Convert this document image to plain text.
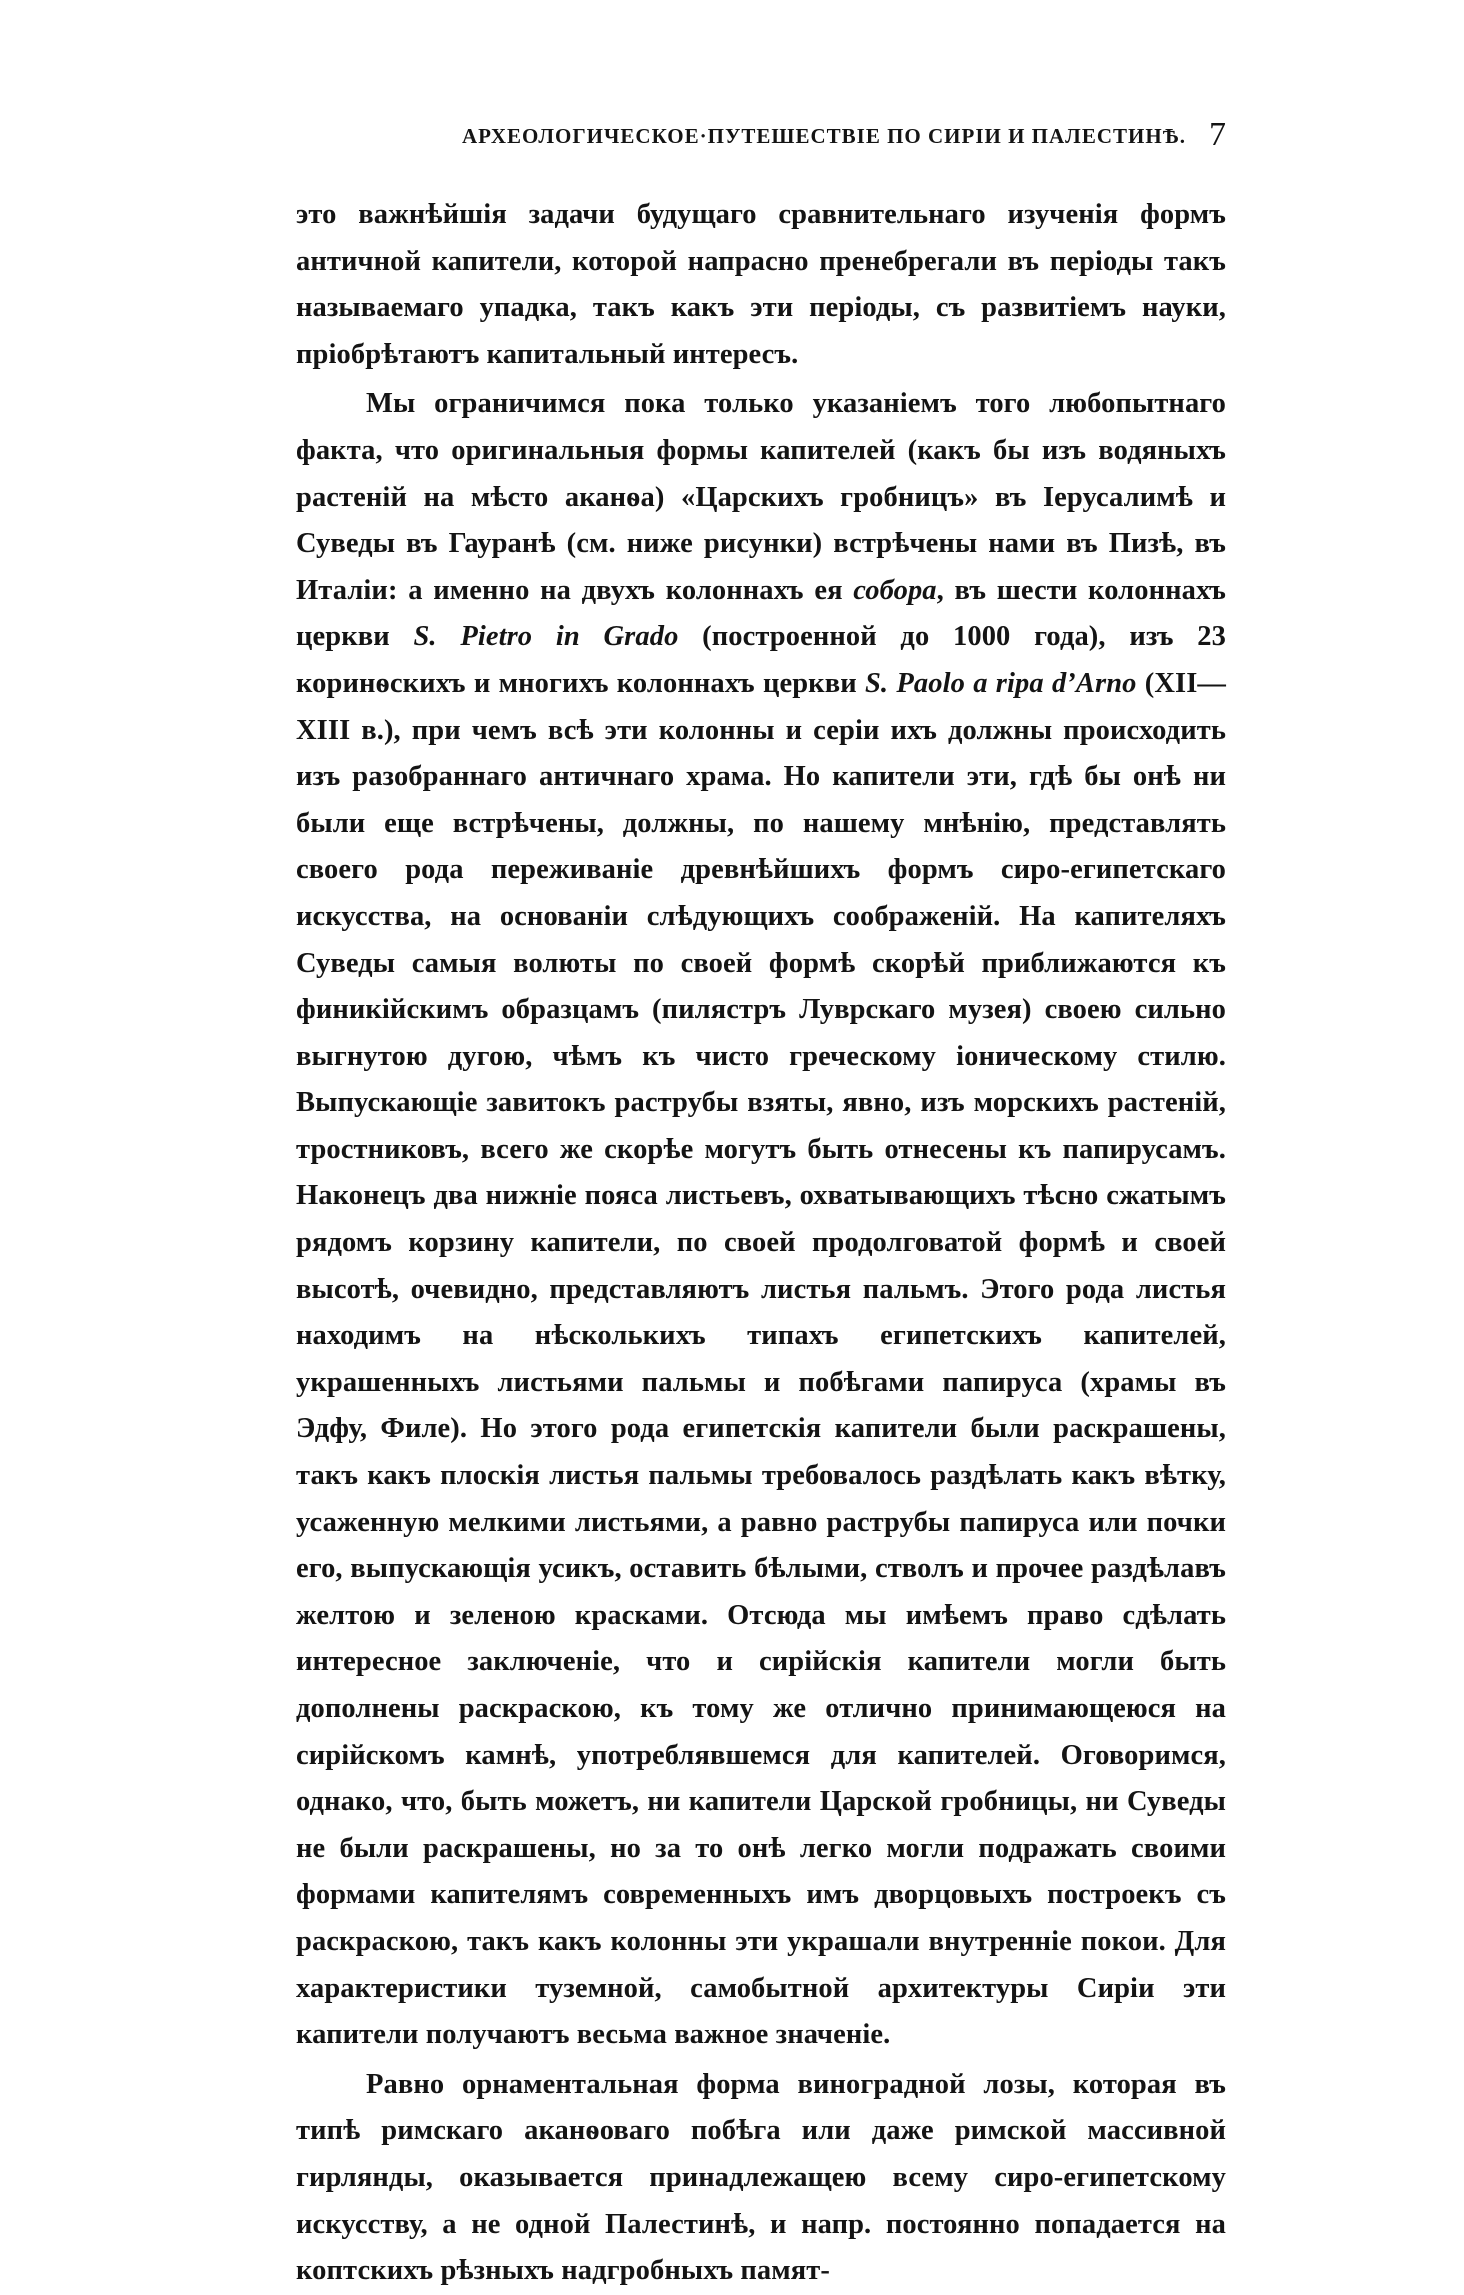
АРХЕОЛОГИЧЕСКОЕ·ПУТЕШЕСТВІЕ ПО СИРІИ И ПАЛЕСТИНѢ. 7

это важнѣйшія задачи будущаго сравнительнаго изученія формъ античной капители, которой напрасно пренебрегали въ періоды такъ называемаго упадка, такъ какъ эти періоды, съ развитіемъ науки, пріобрѣтаютъ капитальный интересъ.

Мы ограничимся пока только указаніемъ того любопытнаго факта, что оригинальныя формы капителей (какъ бы изъ водяныхъ растеній на мѣсто аканѳа) «Царскихъ гробницъ» въ Іерусалимѣ и Суведы въ Гауранѣ (см. ниже рисунки) встрѣчены нами въ Пизѣ, въ Италіи: а именно на двухъ колоннахъ ея собора, въ шести колоннахъ церкви S. Pietro in Grado (построенной до 1000 года), изъ 23 коринѳскихъ и многихъ колоннахъ церкви S. Paolo a ripa d’Arno (XII—XIII в.), при чемъ всѣ эти колонны и серіи ихъ должны происходить изъ разобраннаго античнаго храма. Но капители эти, гдѣ бы онѣ ни были еще встрѣчены, должны, по нашему мнѣнію, представлять своего рода переживаніе древнѣйшихъ формъ сиро-египетскаго искусства, на основаніи слѣдующихъ соображеній. На капителяхъ Суведы самыя волюты по своей формѣ скорѣй приближаются къ финикійскимъ образцамъ (пилястръ Луврскаго музея) своею сильно выгнутою дугою, чѣмъ къ чисто греческому іоническому стилю. Выпускающіе завитокъ раструбы взяты, явно, изъ морскихъ растеній, тростниковъ, всего же скорѣе могутъ быть отнесены къ папирусамъ. Наконецъ два нижніе пояса листьевъ, охватывающихъ тѣсно сжатымъ рядомъ корзину капители, по своей продолговатой формѣ и своей высотѣ, очевидно, представляютъ листья пальмъ. Этого рода листья находимъ на нѣсколькихъ типахъ египетскихъ капителей, украшенныхъ листьями пальмы и побѣгами папируса (храмы въ Эдфу, Филе). Но этого рода египетскія капители были раскрашены, такъ какъ плоскія листья пальмы требовалось раздѣлать какъ вѣтку, усаженную мелкими листьями, а равно раструбы папируса или почки его, выпускающія усикъ, оставить бѣлыми, стволъ и прочее раздѣлавъ желтою и зеленою красками. Отсюда мы имѣемъ право сдѣлать интересное заключеніе, что и сирійскія капители могли быть дополнены раскраскою, къ тому же отлично принимающеюся на сирійскомъ камнѣ, употреблявшемся для капителей. Оговоримся, однако, что, быть можетъ, ни капители Царской гробницы, ни Суведы не были раскрашены, но за то онѣ легко могли подражать своими формами капителямъ современныхъ имъ дворцовыхъ построекъ съ раскраскою, такъ какъ колонны эти украшали внутренніе покои. Для характеристики туземной, самобытной архитектуры Сиріи эти капители получаютъ весьма важное значеніе.

Равно орнаментальная форма виноградной лозы, которая въ типѣ римскаго аканѳоваго побѣга или даже римской массивной гирлянды, оказывается принадлежащею всему сиро-египетскому искусству, а не одной Палестинѣ, и напр. постоянно попадается на коптскихъ рѣзныхъ надгробныхъ памят-
